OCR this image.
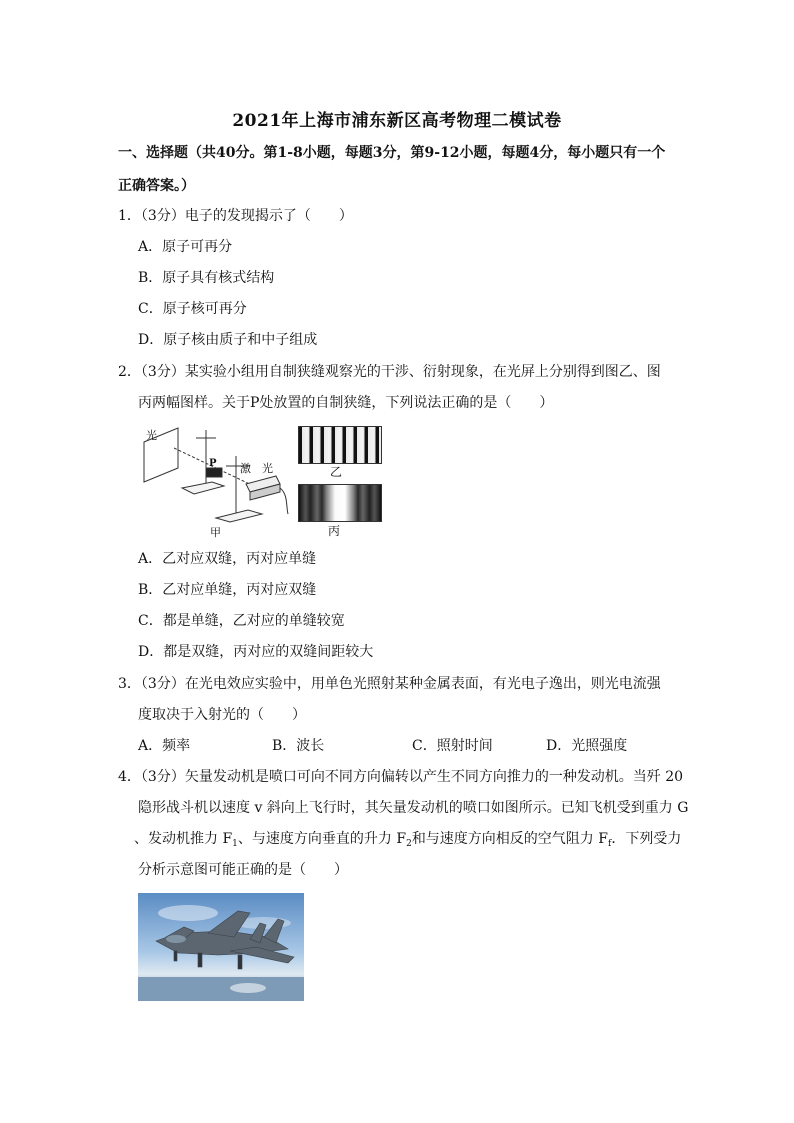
2021年上海市浦东新区高考物理二模试卷
一、选择题（共40分。第1-8小题，每题3分，第9-12小题，每题4分，每小题只有一个
正确答案。）
1．（3分）电子的发现揭示了（　　）
A．原子可再分
B．原子具有核式结构
C．原子核可再分
D．原子核由质子和中子组成
2．（3分）某实验小组用自制狭缝观察光的干涉、衍射现象，在光屏上分别得到图乙、图
丙两幅图样。关于P处放置的自制狭缝，下列说法正确的是（　　）
光
P 激　光
甲
乙
丙
A．乙对应双缝，丙对应单缝
B．乙对应单缝，丙对应双缝
C．都是单缝，乙对应的单缝较宽
D．都是双缝，丙对应的双缝间距较大
3．（3分）在光电效应实验中，用单色光照射某种金属表面，有光电子逸出，则光电流强
度取决于入射光的（　　）
A．频率	B．波长	C．照射时间	D．光照强度
4．（3分）矢量发动机是喷口可向不同方向偏转以产生不同方向推力的一种发动机。当歼 20
隐形战斗机以速度 v 斜向上飞行时，其矢量发动机的喷口如图所示。已知飞机受到重力 G
、发动机推力 $F_1$、与速度方向垂直的升力 $F_2$和与速度方向相反的空气阻力 $F_f$．下列受力
分析示意图可能正确的是（　　）
